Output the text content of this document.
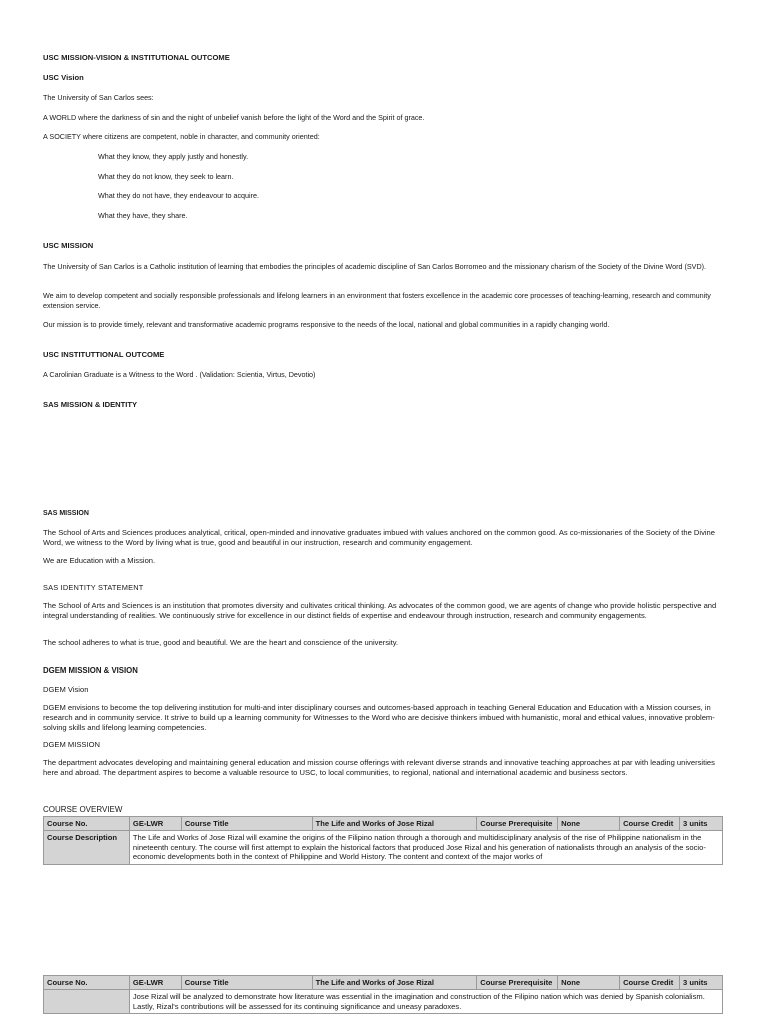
USC MISSION-VISION & INSTITUTIONAL OUTCOME
USC Vision
The University of San Carlos sees:
A WORLD where the darkness of sin and the night of unbelief vanish before the light of the Word and the Spirit of grace.
A SOCIETY where citizens are competent, noble in character, and community oriented:
What they know, they apply justly and honestly.
What they do not know, they seek to learn.
What they do not have, they endeavour to acquire.
What they have, they share.
USC MISSION
The University of San Carlos is a Catholic institution of learning that embodies the principles of academic discipline of San Carlos Borromeo and the missionary charism of the Society of the Divine Word (SVD).
We aim to develop competent and socially responsible professionals and lifelong learners in an environment that fosters excellence in the academic core processes of teaching-learning, research and community extension service.
Our mission is to provide timely, relevant and transformative academic programs responsive to the needs of the local, national and global communities in a rapidly changing world.
USC INSTITUTTIONAL OUTCOME
A Carolinian Graduate is a Witness to the Word . (Validation: Scientia, Virtus, Devotio)
SAS MISSION & IDENTITY
SAS MISSION
The School of Arts and Sciences produces analytical, critical, open-minded and innovative graduates imbued with values anchored on the common good. As co-missionaries of the Society of the Divine Word, we witness to the Word by living what is true, good and beautiful in our instruction, research and community engagement.
We are Education with a Mission.
SAS IDENTITY STATEMENT
The School of Arts and Sciences is an institution that promotes diversity and cultivates critical thinking. As advocates of the common good, we are agents of change who provide holistic perspective and integral understanding of realities. We continuously strive for excellence in our distinct fields of expertise and endeavour through instruction, research and community engagements.
The school adheres to what is true, good and beautiful. We are the heart and conscience of the university.
DGEM MISSION & VISION
DGEM Vision
DGEM envisions to become the top delivering institution for multi-and inter disciplinary courses and outcomes-based approach in teaching General Education and Education with a Mission courses, in research and in community service. It strive to build up a learning community for Witnesses to the Word who are decisive thinkers imbued with humanistic, moral and ethical values, innovative problem-solving skills and lifelong learning competencies.
DGEM MISSION
The department advocates developing and maintaining general education and mission course offerings with relevant diverse strands and innovative teaching approaches at par with leading universities here and abroad. The department aspires to become a valuable resource to USC, to local communities, to regional, national and international academic and business sectors.
COURSE OVERVIEW
Course No.	GE-LWR	Course Title	The Life and Works of Jose Rizal	Course Prerequisite	None	Course Credit	3 units
Course Description	The Life and Works of Jose Rizal will examine the origins of the Filipino nation through a thorough and multidisciplinary analysis of the rise of Philippine nationalism in the nineteenth century. The course will first attempt to explain the historical factors that produced Jose Rizal and his generation of nationalists through an analysis of the socio-economic developments both in the context of Philippine and World History. The content and context of the major works of						
Course No.	GE-LWR	Course Title	The Life and Works of Jose Rizal	Course Prerequisite	None	Course Credit	3 units
	Jose Rizal will be analyzed to demonstrate how literature was essential in the imagination and construction of the Filipino nation which was denied by Spanish colonialism. Lastly, Rizal's contributions will be assessed for its continuing significance and uneasy paradoxes.						
